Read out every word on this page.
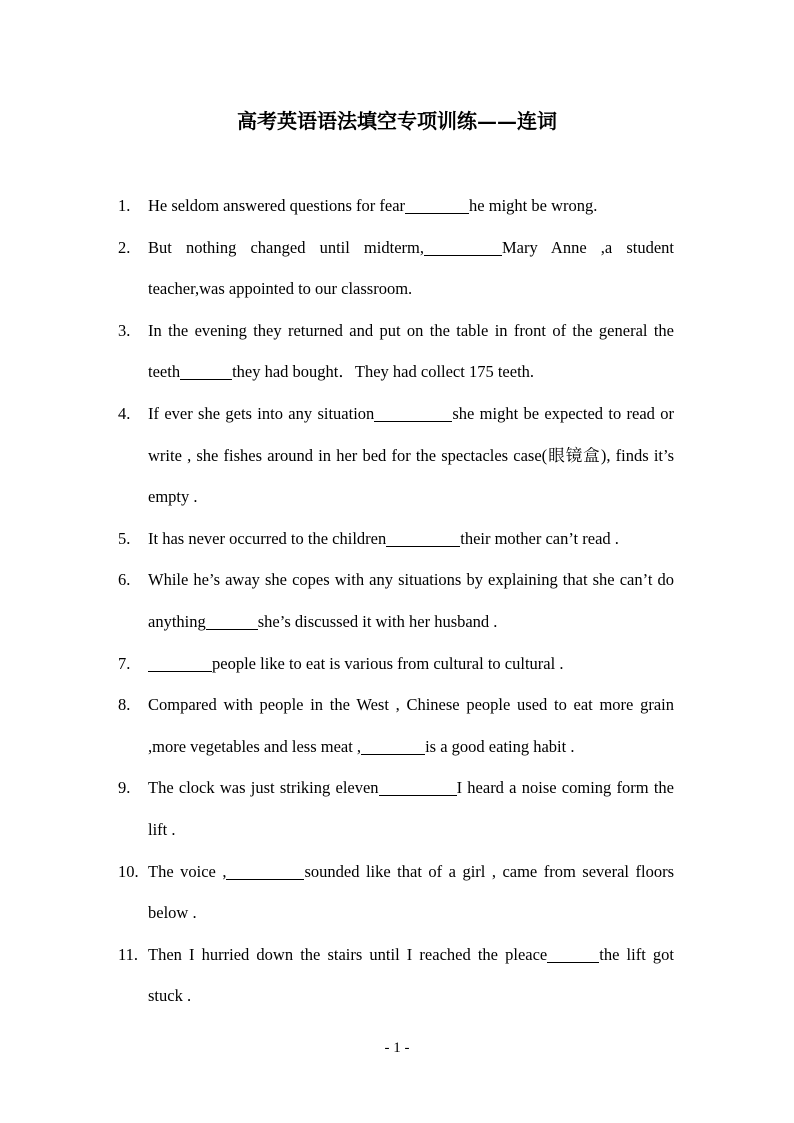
高考英语语法填空专项训练——连词
1. He seldom answered questions for fear	he might be wrong.
2. But nothing changed until midterm,	Mary Anne ,a student teacher,was appointed to our classroom.
3. In the evening they returned and put on the table in front of the general the teeth	they had bought．They had collect 175 teeth.
4. If ever she gets into any situation	she might be expected to read or write , she fishes around in her bed for the spectacles case(眼镜盒), finds it’s empty .
5. It has never occurred to the children	their mother can’t read .
6. While he’s away she copes with any situations by explaining that she can’t do anything	she’s discussed it with her husband .
7.	people like to eat is various from cultural to cultural .
8. Compared with people in the West , Chinese people used to eat more grain ,more vegetables and less meat ,	is a good eating habit .
9. The clock was just striking eleven	I heard a noise coming form the lift .
10. The voice ,	sounded like that of a girl , came from several floors below .
11. Then I hurried down the stairs until I reached the pleace	the lift got stuck .
- 1 -
